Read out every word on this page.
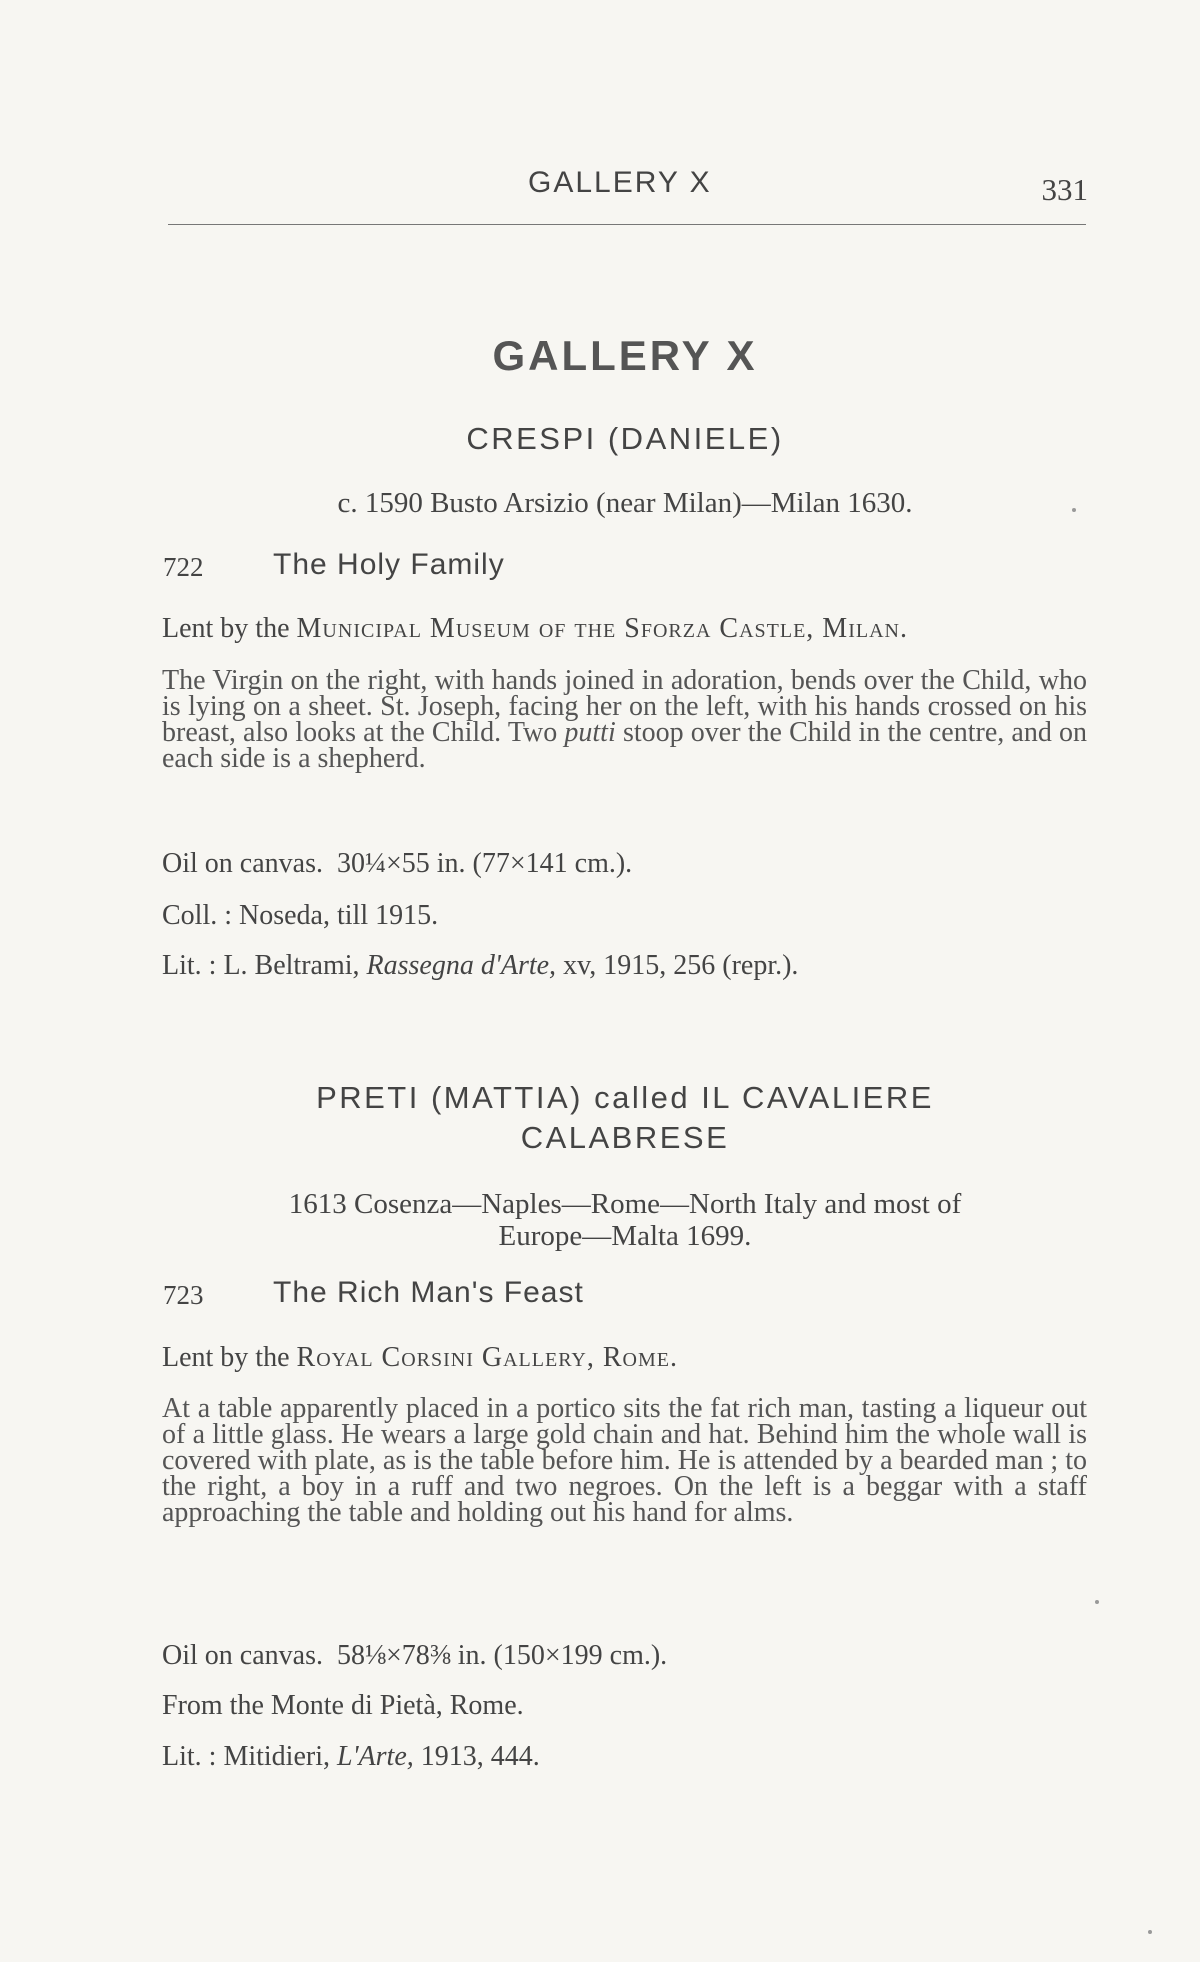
GALLERY X	331
GALLERY X
CRESPI (DANIELE)
c. 1590 Busto Arsizio (near Milan)—Milan 1630.
722 The Holy Family
Lent by the Municipal Museum of the Sforza Castle, Milan.
The Virgin on the right, with hands joined in adoration, bends over the Child, who is lying on a sheet. St. Joseph, facing her on the left, with his hands crossed on his breast, also looks at the Child. Two putti stoop over the Child in the centre, and on each side is a shepherd.
Oil on canvas. 30¼×55 in. (77×141 cm.).
Coll. : Noseda, till 1915.
Lit. : L. Beltrami, Rassegna d'Arte, xv, 1915, 256 (repr.).
PRETI (MATTIA) called IL CAVALIERE
CALABRESE
1613 Cosenza—Naples—Rome—North Italy and most of
Europe—Malta 1699.
723 The Rich Man's Feast
Lent by the Royal Corsini Gallery, Rome.
At a table apparently placed in a portico sits the fat rich man, tasting a liqueur out of a little glass. He wears a large gold chain and hat. Behind him the whole wall is covered with plate, as is the table before him. He is attended by a bearded man ; to the right, a boy in a ruff and two negroes. On the left is a beggar with a staff approaching the table and holding out his hand for alms.
Oil on canvas. 58⅛×78⅜ in. (150×199 cm.).
From the Monte di Pietà, Rome.
Lit. : Mitidieri, L'Arte, 1913, 444.
